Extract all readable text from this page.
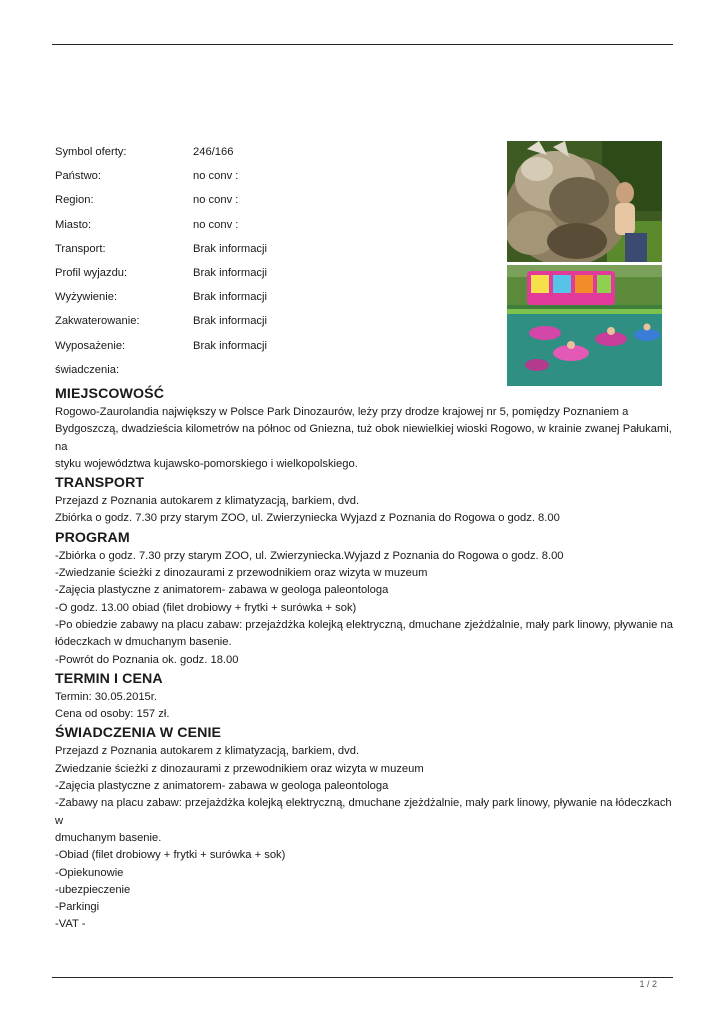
Symbol oferty:	246/166
Państwo:	no conv :
Region:	no conv :
Miasto:	no conv :
Transport:	Brak informacji
Profil wyjazdu:	Brak informacji
Wyżywienie:	Brak informacji
Zakwaterowanie:	Brak informacji
Wyposażenie:	Brak informacji
świadczenia:
MIEJSCOWOŚĆ
Rogowo-Zaurolandia największy w Polsce Park Dinozaurów, leży przy drodze krajowej nr 5, pomiędzy Poznaniem a
Bydgoszczą, dwadzieścia kilometrów na północ od Gniezna, tuż obok niewielkiej wioski Rogowo, w krainie zwanej Pałukami, na
styku województwa kujawsko-pomorskiego i wielkopolskiego.
TRANSPORT
Przejazd z Poznania autokarem z klimatyzacją, barkiem, dvd.
Zbiórka o godz. 7.30 przy starym ZOO, ul. Zwierzyniecka Wyjazd z Poznania do Rogowa o godz. 8.00
PROGRAM
-Zbiórka o godz. 7.30 przy starym ZOO, ul. Zwierzyniecka.Wyjazd z Poznania do Rogowa o godz. 8.00
-Zwiedzanie ścieżki z dinozaurami z przewodnikiem oraz wizyta w muzeum
-Zajęcia plastyczne z animatorem- zabawa w geologa paleontologa
-O godz. 13.00 obiad (filet drobiowy + frytki + surówka + sok)
-Po obiedzie zabawy na placu zabaw: przejażdżka kolejką elektryczną, dmuchane zjeżdżalnie, mały park linowy, pływanie na
łódeczkach w dmuchanym basenie.
-Powrót do Poznania ok. godz. 18.00
TERMIN I CENA
Termin: 30.05.2015r.
Cena od osoby: 157 zł.
ŚWIADCZENIA W CENIE
Przejazd z Poznania autokarem z klimatyzacją, barkiem, dvd.
Zwiedzanie ścieżki z dinozaurami z przewodnikiem oraz wizyta w muzeum
-Zajęcia plastyczne z animatorem- zabawa w geologa paleontologa
-Zabawy na placu zabaw: przejażdżka kolejką elektryczną, dmuchane zjeżdżalnie, mały park linowy, pływanie na łódeczkach w
dmuchanym basenie.
-Obiad (filet drobiowy + frytki + surówka + sok)
-Opiekunowie
-ubezpieczenie
-Parkingi
-VAT -
1 / 2
